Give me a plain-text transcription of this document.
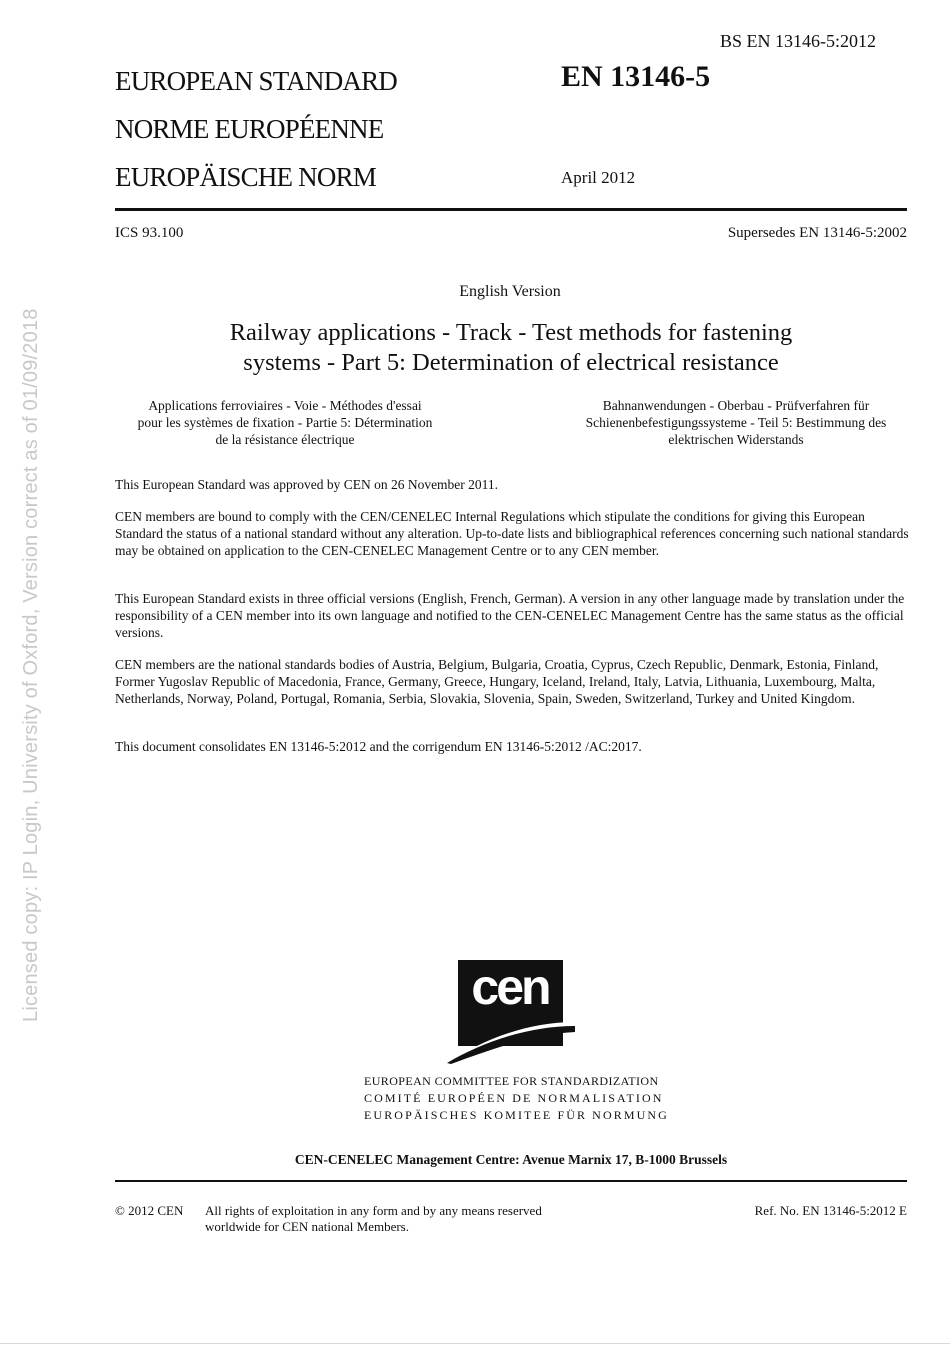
Licensed copy: IP Login, University of Oxford, Version correct as of 01/09/2018
BS EN 13146-5:2012
EUROPEAN STANDARD
NORME EUROPÉENNE
EUROPÄISCHE NORM
EN 13146-5
April 2012
ICS 93.100	Supersedes EN 13146-5:2002
English Version
Railway applications - Track - Test methods for fastening
systems - Part 5: Determination of electrical resistance
Applications ferroviaires - Voie - Méthodes d'essai
pour les systèmes de fixation - Partie 5: Détermination
de la résistance électrique
Bahnanwendungen - Oberbau - Prüfverfahren für
Schienenbefestigungssysteme - Teil 5: Bestimmung des
elektrischen Widerstands
This European Standard was approved by CEN on 26 November 2011.
CEN members are bound to comply with the CEN/CENELEC Internal Regulations which stipulate the conditions for giving this European Standard the status of a national standard without any alteration. Up-to-date lists and bibliographical references concerning such national standards may be obtained on application to the CEN-CENELEC Management Centre or to any CEN member.
This European Standard exists in three official versions (English, French, German). A version in any other language made by translation under the responsibility of a CEN member into its own language and notified to the CEN-CENELEC Management Centre has the same status as the official versions.
CEN members are the national standards bodies of Austria, Belgium, Bulgaria, Croatia, Cyprus, Czech Republic, Denmark, Estonia, Finland, Former Yugoslav Republic of Macedonia, France, Germany, Greece, Hungary, Iceland, Ireland, Italy, Latvia, Lithuania, Luxembourg, Malta, Netherlands, Norway, Poland, Portugal, Romania, Serbia, Slovakia, Slovenia, Spain, Sweden, Switzerland, Turkey and United Kingdom.
This document consolidates EN 13146-5:2012 and the corrigendum EN 13146-5:2012 /AC:2017.
cen
EUROPEAN COMMITTEE FOR STANDARDIZATION
COMITÉ EUROPÉEN DE NORMALISATION
EUROPÄISCHES KOMITEE FÜR NORMUNG
CEN-CENELEC Management Centre: Avenue Marnix 17, B-1000 Brussels
© 2012 CEN All rights of exploitation in any form and by any means reserved
worldwide for CEN national Members.
Ref. No. EN 13146-5:2012 E
